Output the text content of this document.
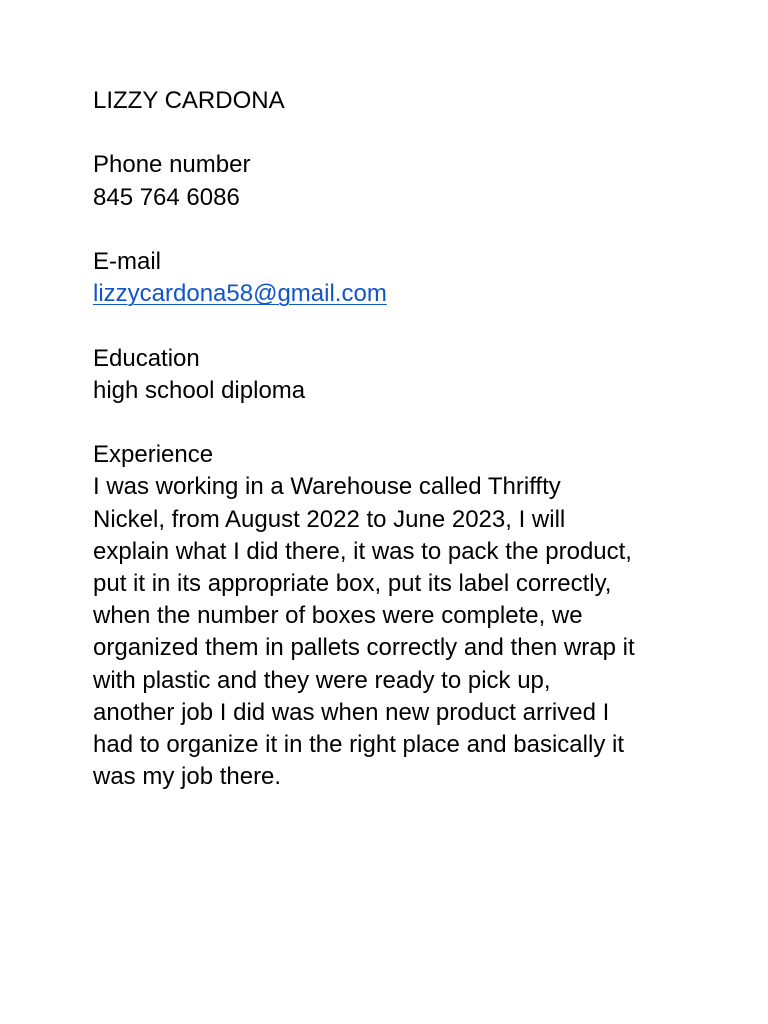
LIZZY CARDONA
Phone number
845 764 6086
E-mail
lizzycardona58@gmail.com
Education
high school diploma
Experience
I was working in a Warehouse called Thriffty
Nickel, from August 2022 to June 2023, I will
explain what I did there, it was to pack the product,
put it in its appropriate box, put its label correctly,
when the number of boxes were complete, we
organized them in pallets correctly and then wrap it
with plastic and they were ready to pick up,
another job I did was when new product arrived I
had to organize it in the right place and basically it
was my job there.
